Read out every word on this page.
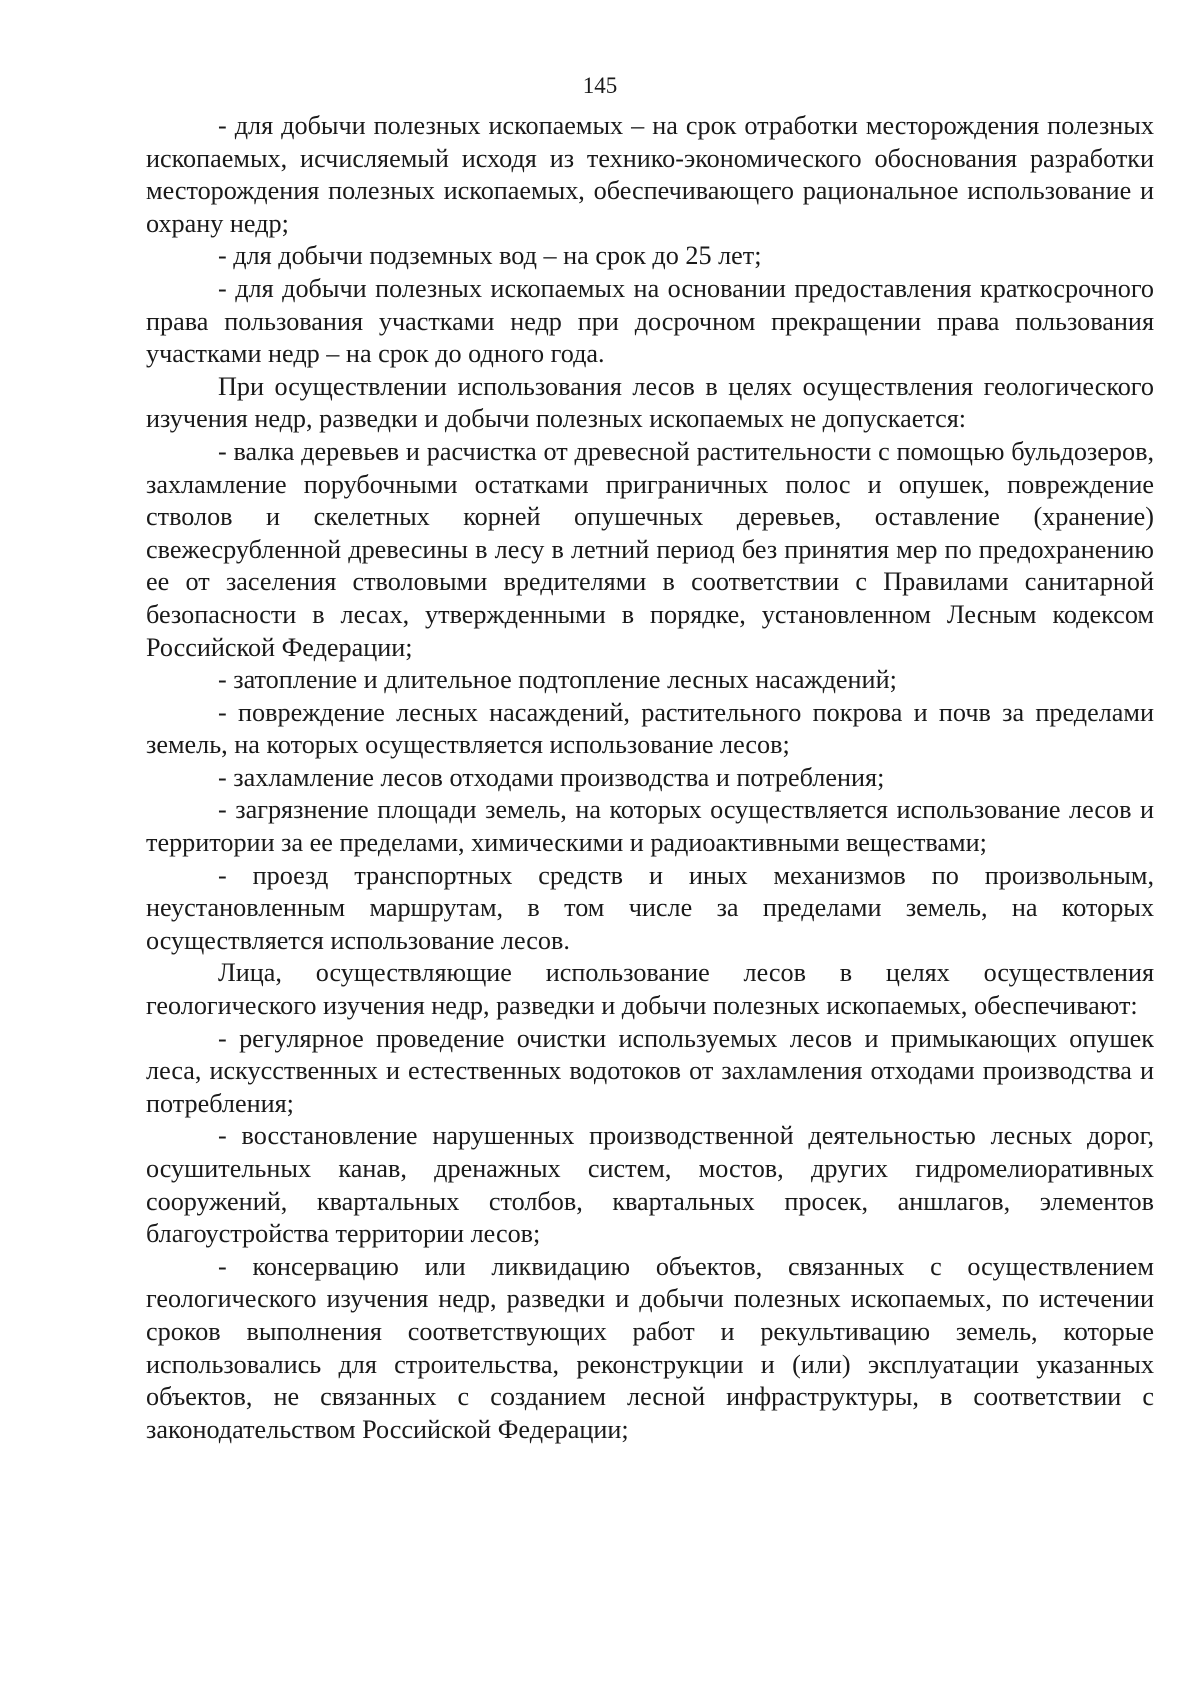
145

- для добычи полезных ископаемых – на срок отработки месторождения полезных ископаемых, исчисляемый исходя из технико-экономического обоснования разработки месторождения полезных ископаемых, обеспечивающего рациональное использование и охрану недр;

- для добычи подземных вод – на срок до 25 лет;

- для добычи полезных ископаемых на основании предоставления краткосрочного права пользования участками недр при досрочном прекращении права пользования участками недр – на срок до одного года.

При осуществлении использования лесов в целях осуществления геологического изучения недр, разведки и добычи полезных ископаемых не допускается:

- валка деревьев и расчистка от древесной растительности с помощью бульдозеров, захламление порубочными остатками приграничных полос и опушек, повреждение стволов и скелетных корней опушечных деревьев, оставление (хранение) свежесрубленной древесины в лесу в летний период без принятия мер по предохранению ее от заселения стволовыми вредителями в соответствии с Правилами санитарной безопасности в лесах, утвержденными в порядке, установленном Лесным кодексом Российской Федерации;

- затопление и длительное подтопление лесных насаждений;

- повреждение лесных насаждений, растительного покрова и почв за пределами земель, на которых осуществляется использование лесов;

- захламление лесов отходами производства и потребления;

- загрязнение площади земель, на которых осуществляется использование лесов и территории за ее пределами, химическими и радиоактивными веществами;

- проезд транспортных средств и иных механизмов по произвольным, неустановленным маршрутам, в том числе за пределами земель, на которых осуществляется использование лесов.

Лица, осуществляющие использование лесов в целях осуществления геологического изучения недр, разведки и добычи полезных ископаемых, обеспечивают:

- регулярное проведение очистки используемых лесов и примыкающих опушек леса, искусственных и естественных водотоков от захламления отходами производства и потребления;

- восстановление нарушенных производственной деятельностью лесных дорог, осушительных канав, дренажных систем, мостов, других гидромелиоративных сооружений, квартальных столбов, квартальных просек, аншлагов, элементов благоустройства территории лесов;

- консервацию или ликвидацию объектов, связанных с осуществлением геологического изучения недр, разведки и добычи полезных ископаемых, по истечении сроков выполнения соответствующих работ и рекультивацию земель, которые использовались для строительства, реконструкции и (или) эксплуатации указанных объектов, не связанных с созданием лесной инфраструктуры, в соответствии с законодательством Российской Федерации;
